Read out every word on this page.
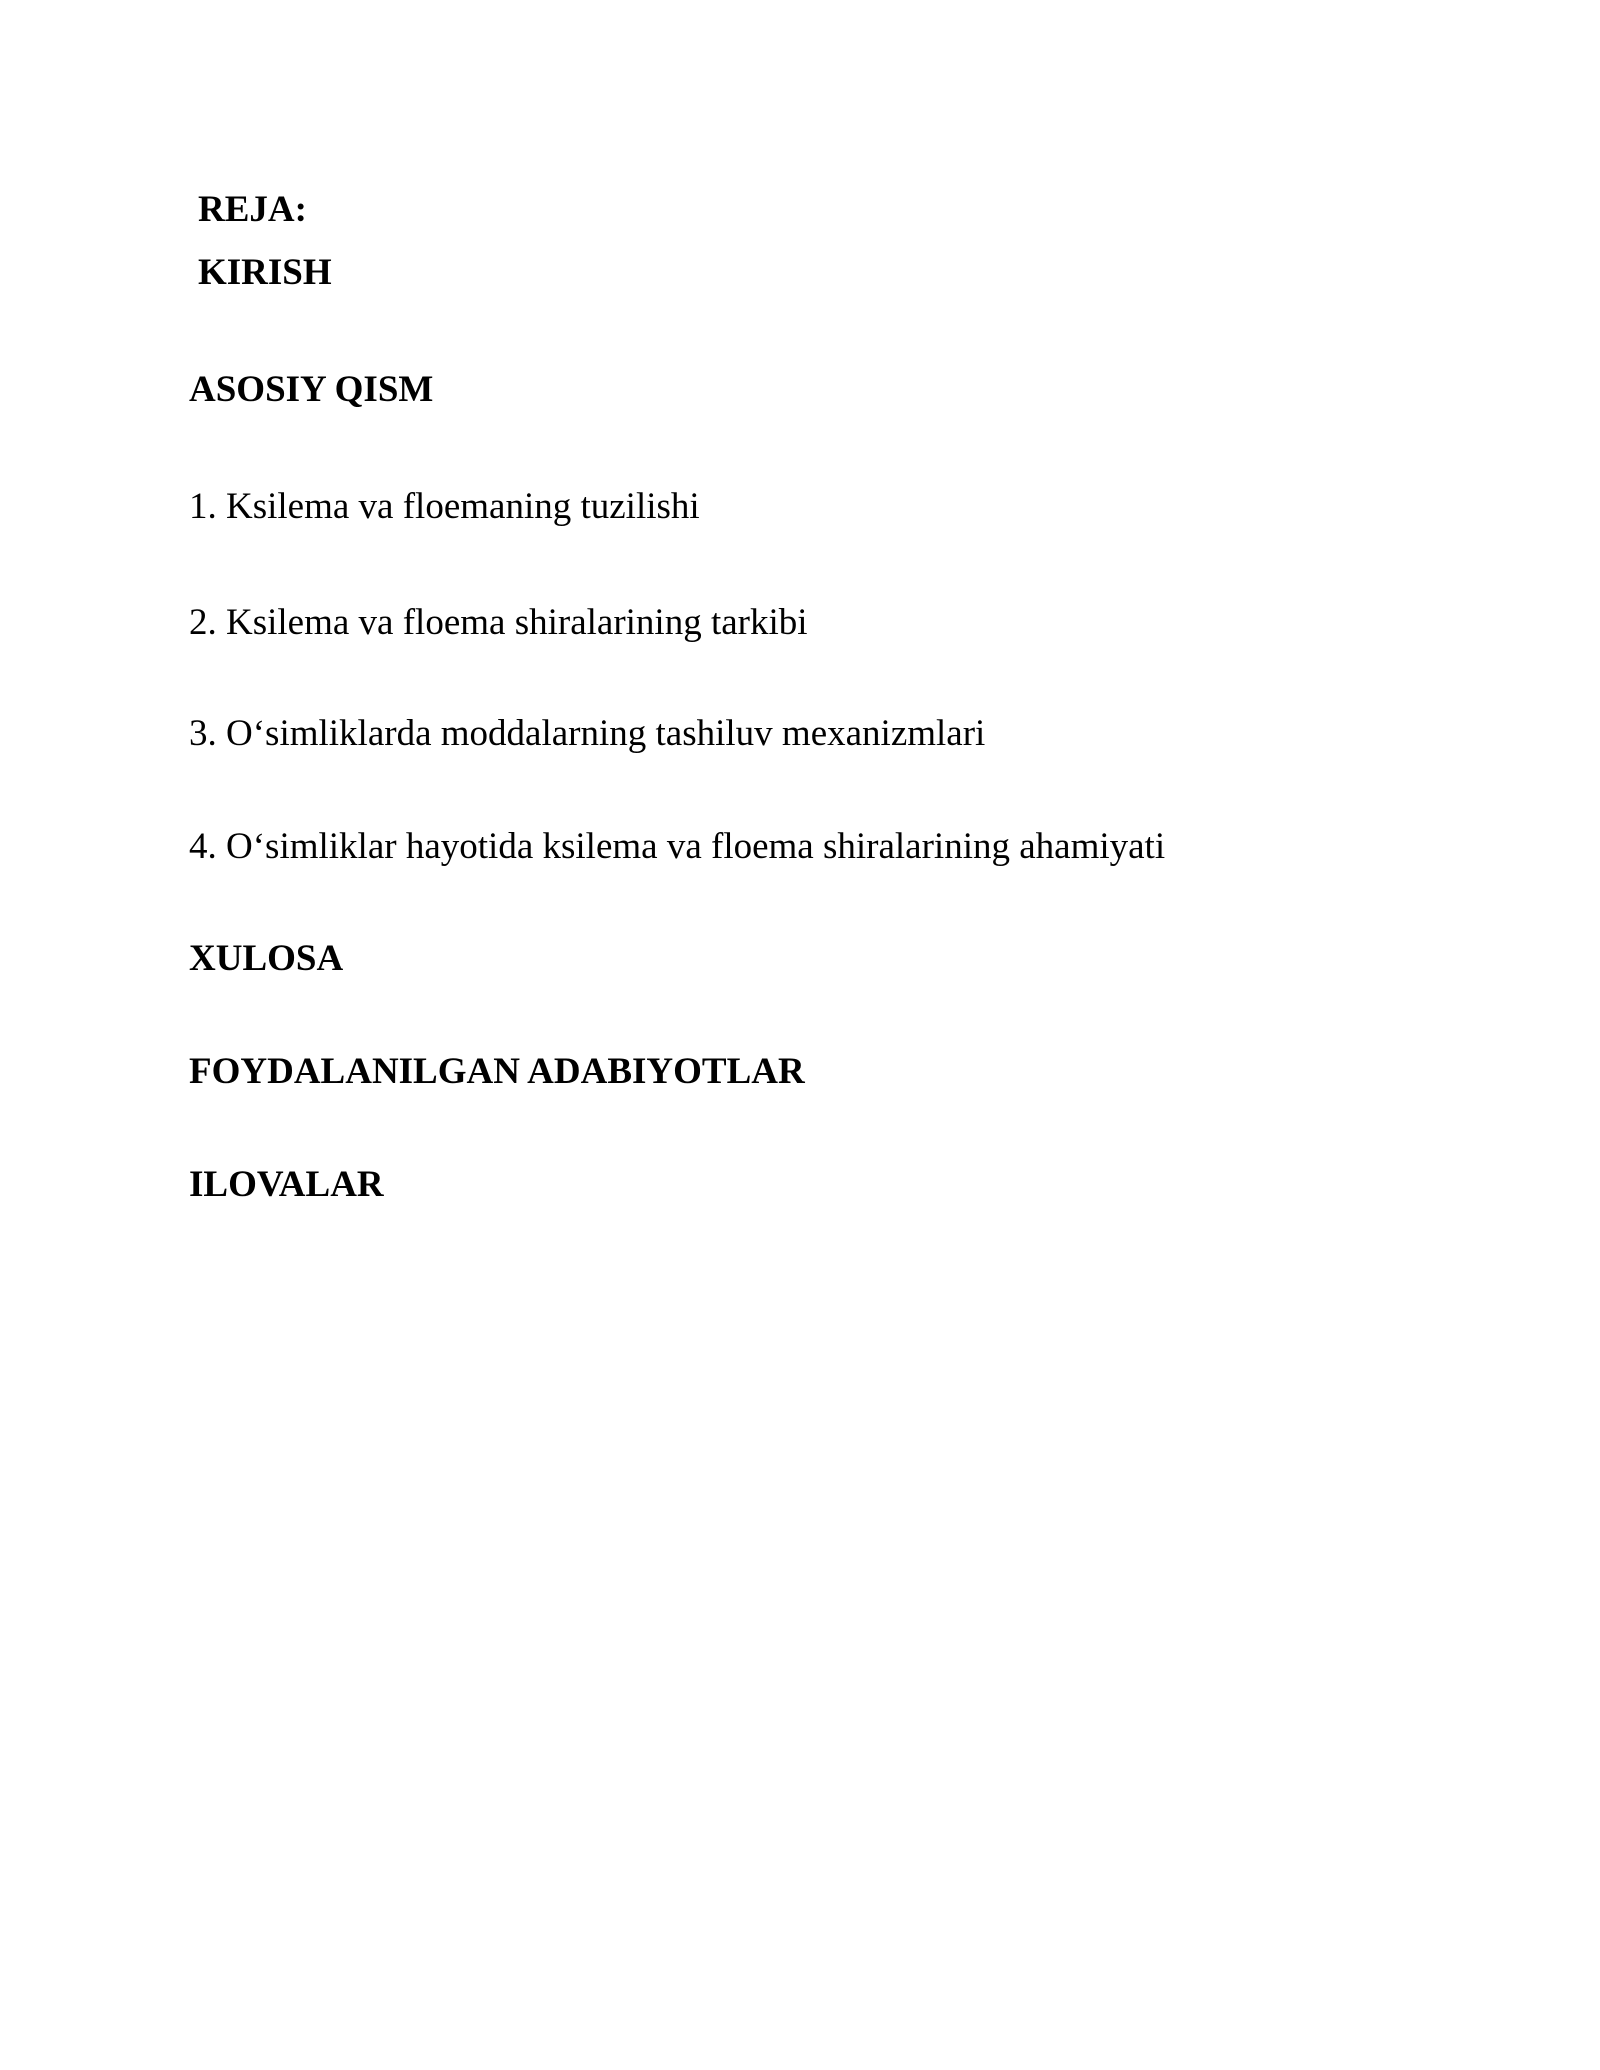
REJA:
KIRISH
ASOSIY QISM
1. Ksilema va floemaning tuzilishi
2. Ksilema va floema shiralarining tarkibi
3. O‘simliklarda moddalarning tashiluv mexanizmlari
4. O‘simliklar hayotida ksilema va floema shiralarining ahamiyati
XULOSA
FOYDALANILGAN ADABIYOTLAR
ILOVALAR
